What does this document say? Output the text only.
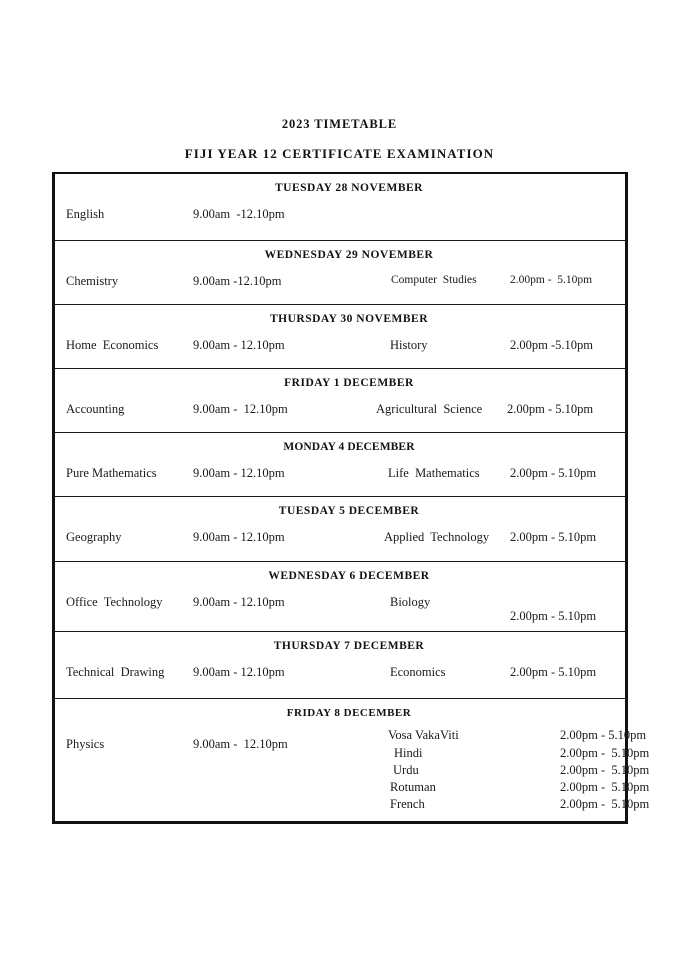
2023 TIMETABLE
FIJI YEAR 12 CERTIFICATE EXAMINATION
TUESDAY 28 NOVEMBER
English	9.00am  -12.10pm
WEDNESDAY 29 NOVEMBER
Chemistry	9.00am -12.10pm	Computer  Studies	2.00pm -  5.10pm
THURSDAY 30 NOVEMBER
Home  Economics	9.00am - 12.10pm	History	2.00pm -5.10pm
FRIDAY 1 DECEMBER
Accounting	9.00am -  12.10pm	Agricultural  Science 2.00pm - 5.10pm
MONDAY 4 DECEMBER
Pure Mathematics	9.00am - 12.10pm	Life  Mathematics 2.00pm - 5.10pm
TUESDAY 5 DECEMBER
Geography	9.00am - 12.10pm	Applied  Technology 2.00pm - 5.10pm
WEDNESDAY 6 DECEMBER
Office  Technology 9.00am - 12.10pm	Biology
2.00pm - 5.10pm
THURSDAY 7 DECEMBER
Technical  Drawing 9.00am - 12.10pm	Economics	2.00pm - 5.10pm
FRIDAY 8 DECEMBER
Physics	9.00am -  12.10pm
Vosa VakaViti	2.00pm - 5.10pm
Hindi	2.00pm -  5.10pm
Urdu	2.00pm -  5.10pm
Rotuman	2.00pm -  5.10pm
French	2.00pm -  5.10pm
